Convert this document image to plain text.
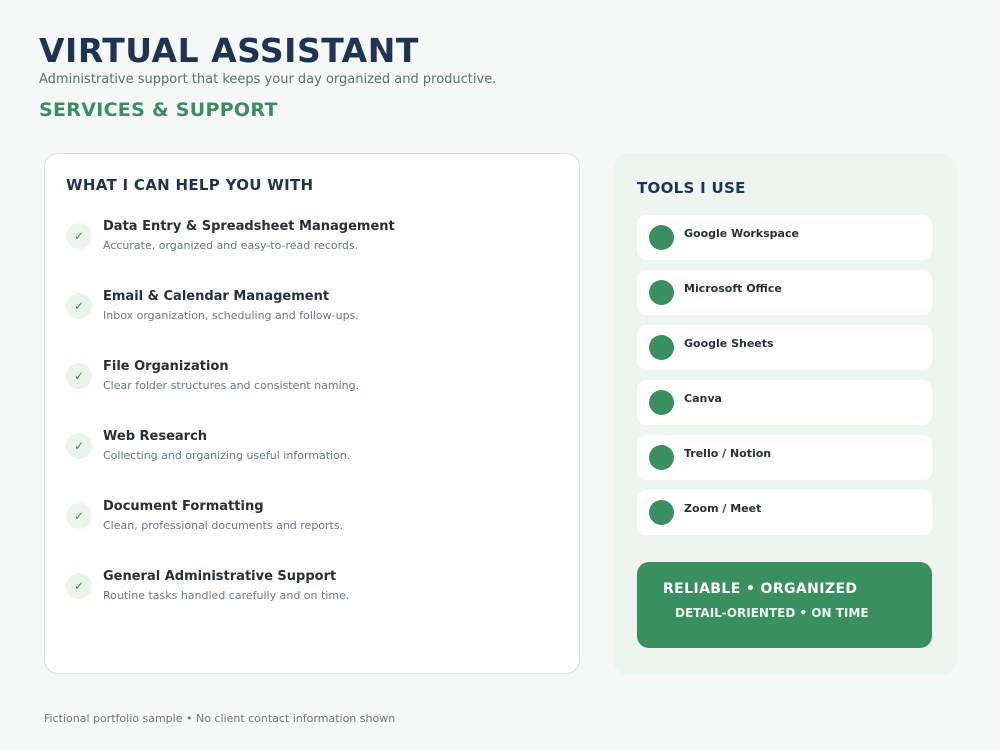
VIRTUAL ASSISTANT
Administrative support that keeps your day organized and productive.
SERVICES & SUPPORT
WHAT I CAN HELP YOU WITH
✓
Data Entry & Spreadsheet Management
Accurate, organized and easy-to-read records.
✓
Email & Calendar Management
Inbox organization, scheduling and follow-ups.
✓
File Organization
Clear folder structures and consistent naming.
✓
Web Research
Collecting and organizing useful information.
✓
Document Formatting
Clean, professional documents and reports.
✓
General Administrative Support
Routine tasks handled carefully and on time.
TOOLS I USE
Google Workspace
Microsoft Office
Google Sheets
Canva
Trello / Notion
Zoom / Meet
RELIABLE • ORGANIZED
DETAIL-ORIENTED • ON TIME
Fictional portfolio sample • No client contact information shown
